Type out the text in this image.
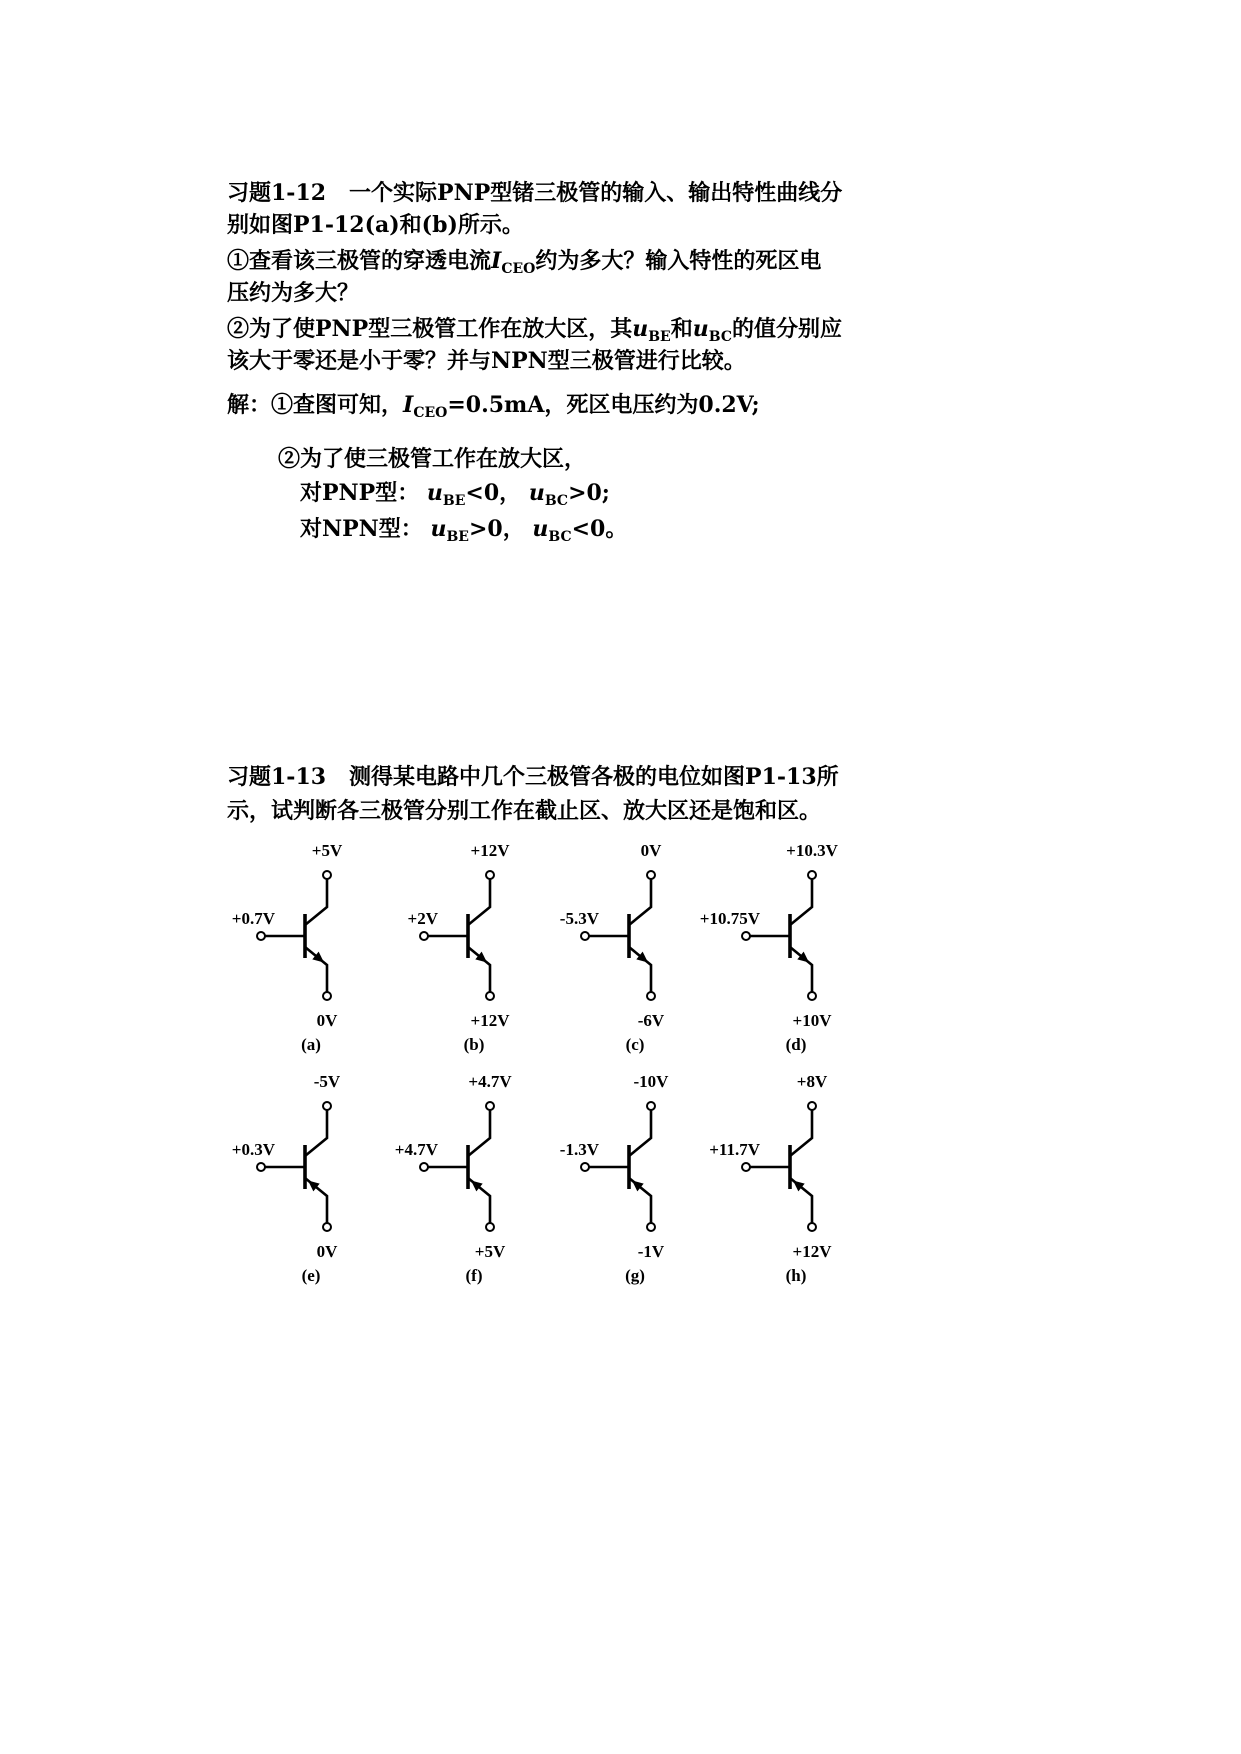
习题1-12 一个实际PNP型锗三极管的输入、输出特性曲线分
别如图P1-12(a)和(b)所示。
①查看该三极管的穿透电流$I_{CEO}$约为多大？输入特性的死区电
压约为多大？
②为了使PNP型三极管工作在放大区，其$u_{BE}$和$u_{BC}$的值分别应
该大于零还是小于零？并与NPN型三极管进行比较。
解：①查图可知，$I_{CEO}=0.5mA$，死区电压约为0.2V;
②为了使三极管工作在放大区，
对PNP型： $u_{BE}<0$， $u_{BC}>0$;
对NPN型： $u_{BE}>0$， $u_{BC}<0$。
习题1-13 测得某电路中几个三极管各极的电位如图P1-13所
示，试判断各三极管分别工作在截止区、放大区还是饱和区。
+0.7V
+5V
0V
(a)
+2V
+12V
+12V
(b)
-5.3V
0V
-6V
(c)
+10.75V
+10.3V
+10V
(d)
+0.3V
-5V
0V
(e)
+4.7V
+4.7V
+5V
(f)
-1.3V
-10V
-1V
(g)
+11.7V
+8V
+12V
(h)
